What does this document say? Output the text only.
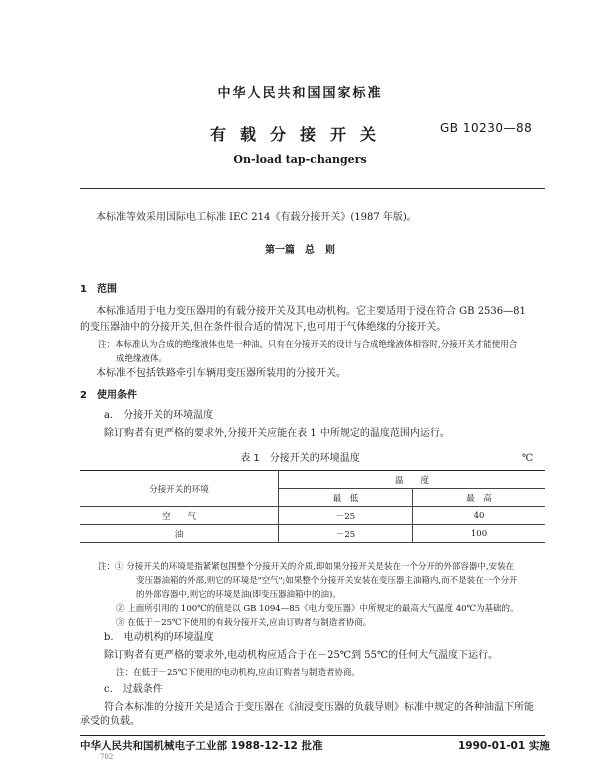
中华人民共和国国家标准
有载分接开关	GB 10230—88
On-load tap-changers
本标准等效采用国际电工标准 IEC 214《有载分接开关》(1987 年版)。
第一篇　总　则
1　范围
本标准适用于电力变压器用的有载分接开关及其电动机构。它主要适用于浸在符合 GB 2536—81
的变压器油中的分接开关,但在条件很合适的情况下,也可用于气体绝缘的分接开关。
注：本标准认为合成的绝缘液体也是一种油。只有在分接开关的设计与合成绝缘液体相容时,分接开关才能使用合
成绝缘液体。
本标准不包括铁路牵引车辆用变压器所装用的分接开关。
2　使用条件
a.　分接开关的环境温度
除订购者有更严格的要求外,分接开关应能在表 1 中所规定的温度范围内运行。
表 1　分接开关的环境温度	℃
分接开关的环境	温　　度	
	最　低	最　高
空　　气	－25	40
油	－25	100
注：① 分接开关的环境是指紧紧包围整个分接开关的介质,即如果分接开关是装在一个分开的外部容器中,安装在
变压器油箱的外部,则它的环境是"空气";如果整个分接开关安装在变压器主油箱内,而不是装在一个分开
的外部容器中,则它的环境是油(即变压器油箱中的油)。
② 上面所引用的 100℃的值是以 GB 1094—85《电力变压器》中所规定的最高大气温度 40℃为基础的。
③ 在低于－25℃下使用的有载分接开关,应由订购者与制造者协商。
b.　电动机构的环境温度
除订购者有更严格的要求外,电动机构应适合于在－25℃到 55℃的任何大气温度下运行。
注：在低于－25℃下使用的电动机构,应由订购者与制造者协商。
c.　过载条件
符合本标准的分接开关是适合于变压器在《油浸变压器的负载导则》标准中规定的各种油温下所能
承受的负载。
中华人民共和国机械电子工业部 1988-12-12 批准	1990-01-01 实施
702
